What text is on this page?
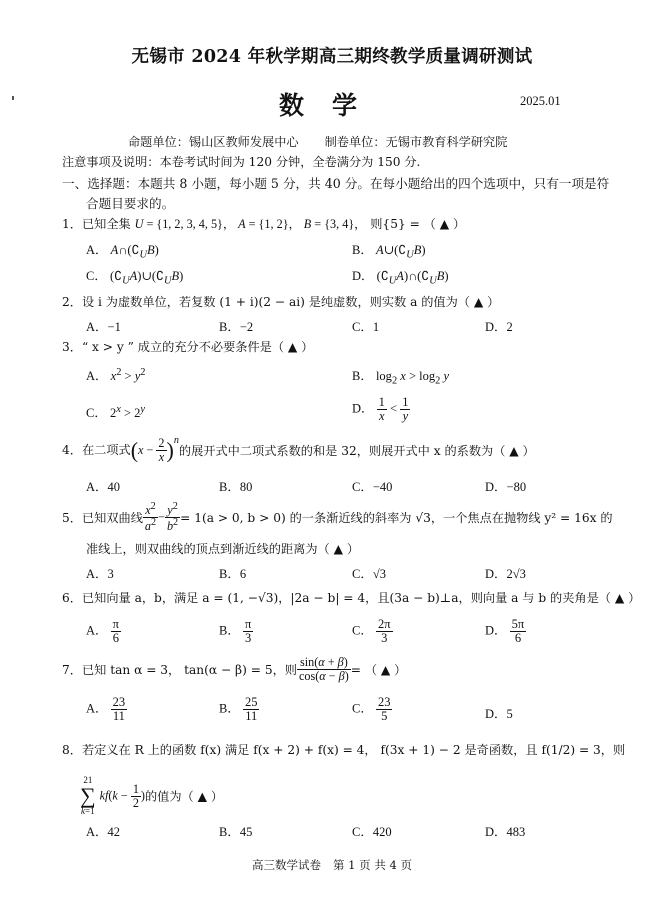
无锡市 2024 年秋学期高三期终教学质量调研测试
数学	2025.01
命题单位：锡山区教师发展中心 制卷单位：无锡市教育科学研究院
注意事项及说明：本卷考试时间为 120 分钟，全卷满分为 150 分.
一、选择题：本题共 8 小题，每小题 5 分，共 40 分。在每小题给出的四个选项中，只有一项是符
合题目要求的。
1．已知全集 U = {1, 2, 3, 4, 5}， A = {1, 2}， B = {3, 4}， 则{5} = （ ▲ ）
A． $A\cap(∁_UB)$	B． $A\cup(∁_UB)$
C． $(∁_UA)\cup(∁_UB)$	D． $(∁_UA)\cap(∁_UB)$
2．设 i 为虚数单位，若复数 (1 + i)(2 − ai) 是纯虚数，则实数 a 的值为（ ▲ ）
A．−1	B．−2	C．1	D．2
3．“ x > y ” 成立的充分不必要条件是（ ▲ ）
A． $x^2 > y^2$	B． $\log_2 x > \log_2 y$
C． $2^x > 2^y$	D． $\frac{1}{x} < \frac{1}{y}$
4．在二项式$(x - \frac{2}{x} )^n$的展开式中二项式系数的和是 32，则展开式中 x 的系数为（ ▲ ）
A．40	B．80	C．−40	D．−80
5．已知双曲线 $\frac{x^2}{a^2} - \frac{y^2}{b^2} = 1(a > 0$, b > 0) 的一条渐近线的斜率为 √3，一个焦点在抛物线 y² = 16x 的
准线上，则双曲线的顶点到渐近线的距离为（ ▲ ）
A．3	B．6	C．√3	D．2√3
6．已知向量 a，b，满足 a = (1, −√3)，|2a − b| = 4，且(3a − b)⊥a，则向量 a 与 b 的夹角是（ ▲ ）
A． $\frac{\pi}{6}$	B． $\frac{\pi}{3}$	C． $\frac{2\pi}{3}$	D． $\frac{5\pi}{6}$
7．已知 tan α = 3， tan(α − β) = 5，则 $\frac{\sin(\alpha + \beta)}{\cos(\alpha - \beta)}$ = （ ▲ ）
A． $\frac{23}{11}$	B． $\frac{25}{11}$	C． $\frac{23}{5}$	D．5
8．若定义在 R 上的函数 f(x) 满足 f(x + 2) + f(x) = 4， f(3x + 1) − 2 是奇函数，且 f(1/2) = 3，则
21
∑
k=1
$kf(k - \frac{1}{2}$ )的值为（ ▲ ）
A．42	B．45	C．420	D．483
高三数学试卷 第 1 页 共 4 页
